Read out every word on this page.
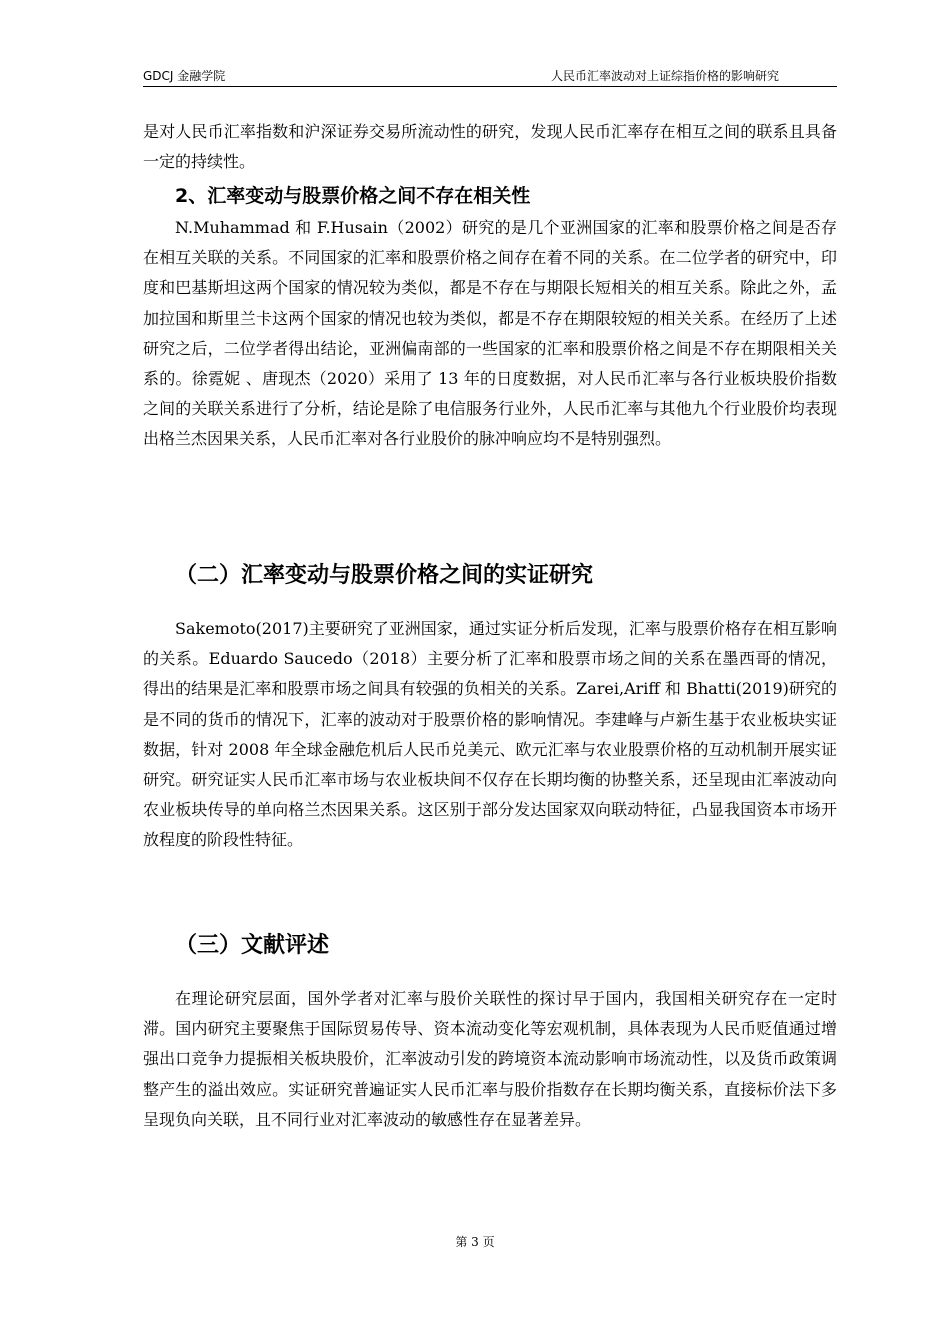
GDCJ 金融学院	人民币汇率波动对上证综指价格的影响研究

是对人民币汇率指数和沪深证券交易所流动性的研究，发现人民币汇率存在相互之间的联系且具备一定的持续性。

2、汇率变动与股票价格之间不存在相关性

N.Muhammad 和 F.Husain（2002）研究的是几个亚洲国家的汇率和股票价格之间是否存在相互关联的关系。不同国家的汇率和股票价格之间存在着不同的关系。在二位学者的研究中，印度和巴基斯坦这两个国家的情况较为类似，都是不存在与期限长短相关的相互关系。除此之外，孟加拉国和斯里兰卡这两个国家的情况也较为类似，都是不存在期限较短的相关关系。在经历了上述研究之后，二位学者得出结论，亚洲偏南部的一些国家的汇率和股票价格之间是不存在期限相关关系的。徐霓妮 、唐现杰（2020）采用了 13 年的日度数据，对人民币汇率与各行业板块股价指数之间的关联关系进行了分析，结论是除了电信服务行业外，人民币汇率与其他九个行业股价均表现出格兰杰因果关系，人民币汇率对各行业股价的脉冲响应均不是特别强烈。

（二）汇率变动与股票价格之间的实证研究

Sakemoto(2017)主要研究了亚洲国家，通过实证分析后发现，汇率与股票价格存在相互影响的关系。Eduardo Saucedo（2018）主要分析了汇率和股票市场之间的关系在墨西哥的情况，得出的结果是汇率和股票市场之间具有较强的负相关的关系。Zarei,Ariff 和 Bhatti(2019)研究的是不同的货币的情况下，汇率的波动对于股票价格的影响情况。李建峰与卢新生基于农业板块实证数据，针对 2008 年全球金融危机后人民币兑美元、欧元汇率与农业股票价格的互动机制开展实证研究。研究证实人民币汇率市场与农业板块间不仅存在长期均衡的协整关系，还呈现由汇率波动向农业板块传导的单向格兰杰因果关系。这区别于部分发达国家双向联动特征，凸显我国资本市场开放程度的阶段性特征。

（三）文献评述

在理论研究层面，国外学者对汇率与股价关联性的探讨早于国内，我国相关研究存在一定时滞。国内研究主要聚焦于国际贸易传导、资本流动变化等宏观机制，具体表现为人民币贬值通过增强出口竞争力提振相关板块股价，汇率波动引发的跨境资本流动影响市场流动性，以及货币政策调整产生的溢出效应。实证研究普遍证实人民币汇率与股价指数存在长期均衡关系，直接标价法下多呈现负向关联，且不同行业对汇率波动的敏感性存在显著差异。

第 3 页
